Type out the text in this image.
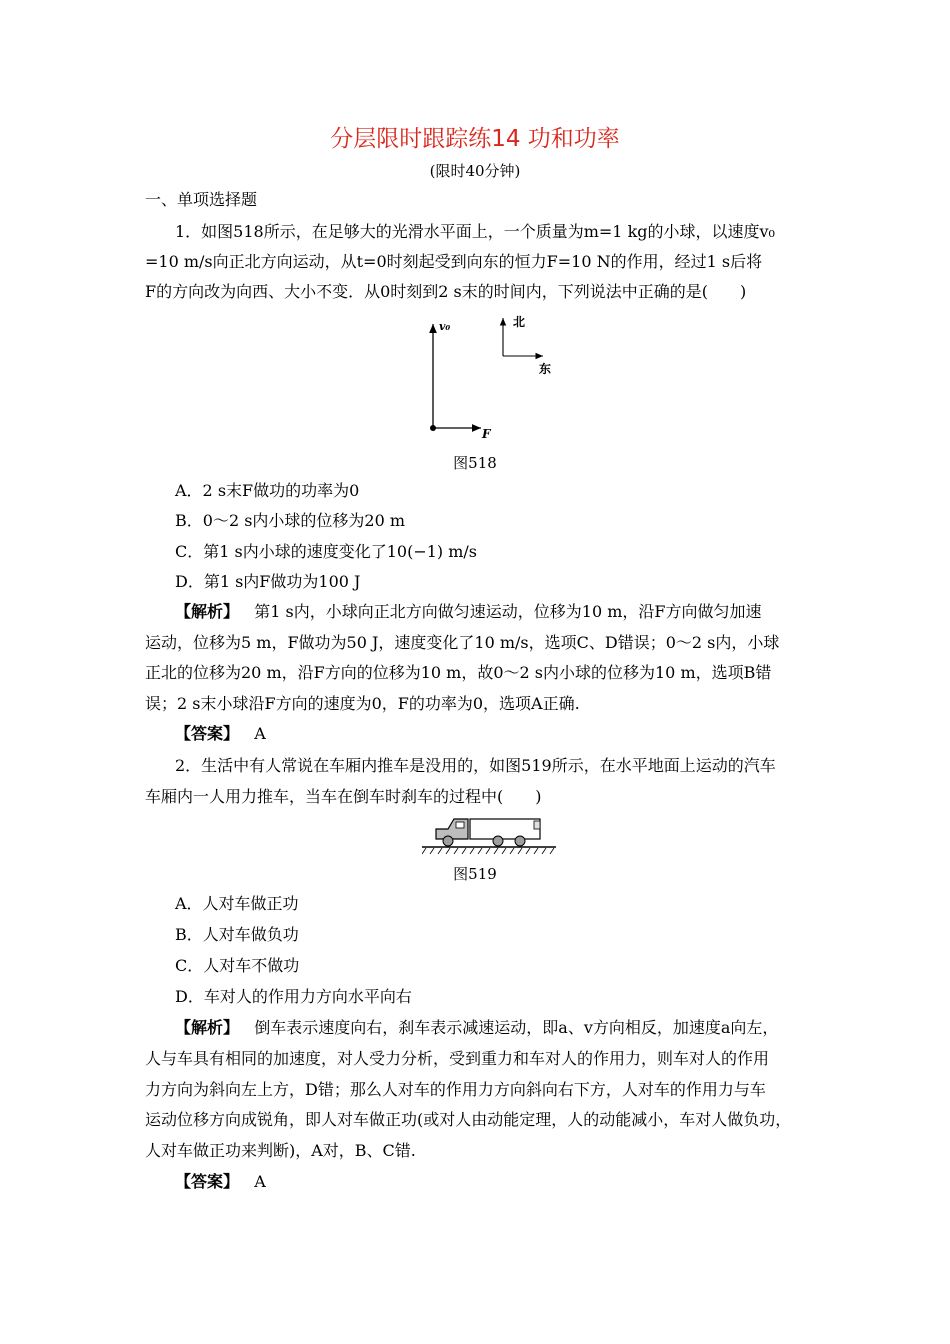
分层限时跟踪练14 功和功率
(限时40分钟)
一、单项选择题
1．如图518所示，在足够大的光滑水平面上，一个质量为m=1 kg的小球，以速度v₀
=10 m/s向正北方向运动，从t=0时刻起受到向东的恒力F=10 N的作用，经过1 s后将
F的方向改为向西、大小不变．从0时刻到2 s末的时间内，下列说法中正确的是(　　)
v₀	北
东
F
图518
A．2 s末F做功的功率为0
B．0～2 s内小球的位移为20 m
C．第1 s内小球的速度变化了10(−1) m/s
D．第1 s内F做功为100 J
【解析】 第1 s内，小球向正北方向做匀速运动，位移为10 m，沿F方向做匀加速
运动，位移为5 m，F做功为50 J，速度变化了10 m/s，选项C、D错误；0～2 s内，小球
正北的位移为20 m，沿F方向的位移为10 m，故0～2 s内小球的位移为10 m，选项B错
误；2 s末小球沿F方向的速度为0，F的功率为0，选项A正确.
【答案】 A
2．生活中有人常说在车厢内推车是没用的，如图519所示，在水平地面上运动的汽车
车厢内一人用力推车，当车在倒车时刹车的过程中(　　)
图519
A．人对车做正功
B．人对车做负功
C．人对车不做功
D．车对人的作用力方向水平向右
【解析】 倒车表示速度向右，刹车表示减速运动，即a、v方向相反，加速度a向左，
人与车具有相同的加速度，对人受力分析，受到重力和车对人的作用力，则车对人的作用
力方向为斜向左上方，D错；那么人对车的作用力方向斜向右下方，人对车的作用力与车
运动位移方向成锐角，即人对车做正功(或对人由动能定理，人的动能减小，车对人做负功，
人对车做正功来判断)，A对，B、C错.
【答案】 A
